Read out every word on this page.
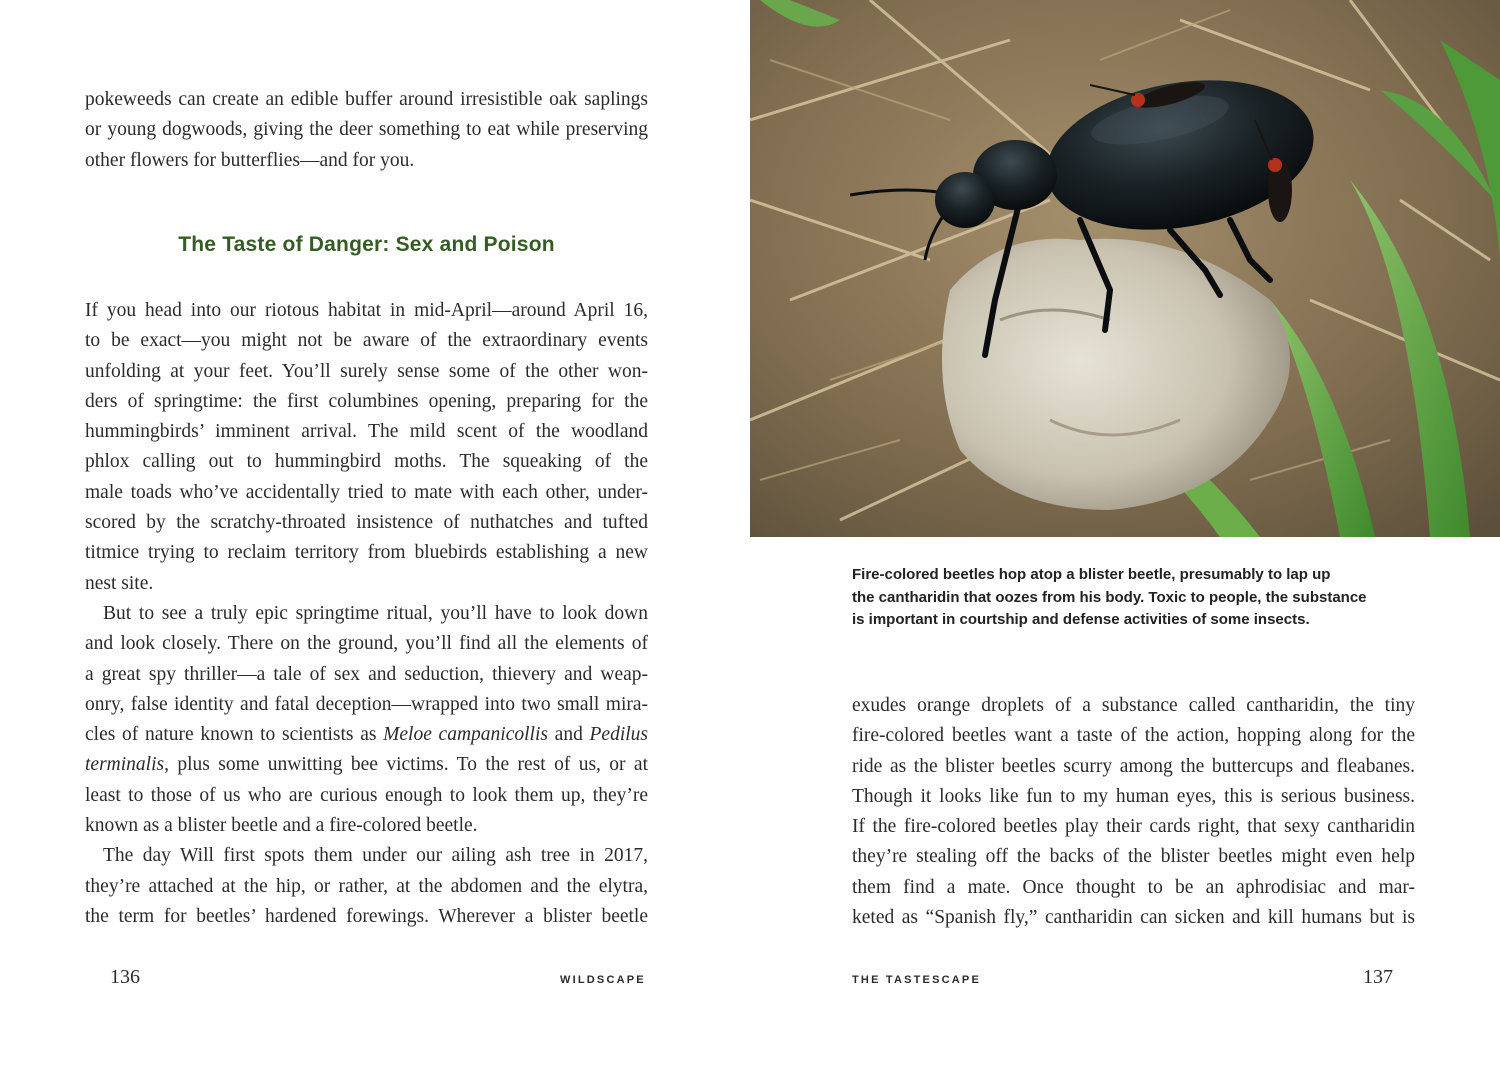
pokeweeds can create an edible buffer around irresistible oak saplings
or young dogwoods, giving the deer something to eat while preserving
other flowers for butterflies—and for you.
The Taste of Danger: Sex and Poison
If you head into our riotous habitat in mid-April—around April 16,
to be exact—you might not be aware of the extraordinary events
unfolding at your feet. You’ll surely sense some of the other won-
ders of springtime: the first columbines opening, preparing for the
hummingbirds’ imminent arrival. The mild scent of the woodland
phlox calling out to hummingbird moths. The squeaking of the
male toads who’ve accidentally tried to mate with each other, under-
scored by the scratchy-throated insistence of nuthatches and tufted
titmice trying to reclaim territory from bluebirds establishing a new
nest site.
But to see a truly epic springtime ritual, you’ll have to look down
and look closely. There on the ground, you’ll find all the elements of
a great spy thriller—a tale of sex and seduction, thievery and weap-
onry, false identity and fatal deception—wrapped into two small mira-
cles of nature known to scientists as Meloe campanicollis and Pedilus
terminalis, plus some unwitting bee victims. To the rest of us, or at
least to those of us who are curious enough to look them up, they’re
known as a blister beetle and a fire-colored beetle.
The day Will first spots them under our ailing ash tree in 2017,
they’re attached at the hip, or rather, at the abdomen and the elytra,
the term for beetles’ hardened forewings. Wherever a blister beetle
136	WILDSCAPE
Fire-colored beetles hop atop a blister beetle, presumably to lap up
the cantharidin that oozes from his body. Toxic to people, the substance
is important in courtship and defense activities of some insects.
exudes orange droplets of a substance called cantharidin, the tiny
fire-colored beetles want a taste of the action, hopping along for the
ride as the blister beetles scurry among the buttercups and fleabanes.
Though it looks like fun to my human eyes, this is serious business.
If the fire-colored beetles play their cards right, that sexy cantharidin
they’re stealing off the backs of the blister beetles might even help
them find a mate. Once thought to be an aphrodisiac and mar-
keted as “Spanish fly,” cantharidin can sicken and kill humans but is
THE TASTESCAPE	137
